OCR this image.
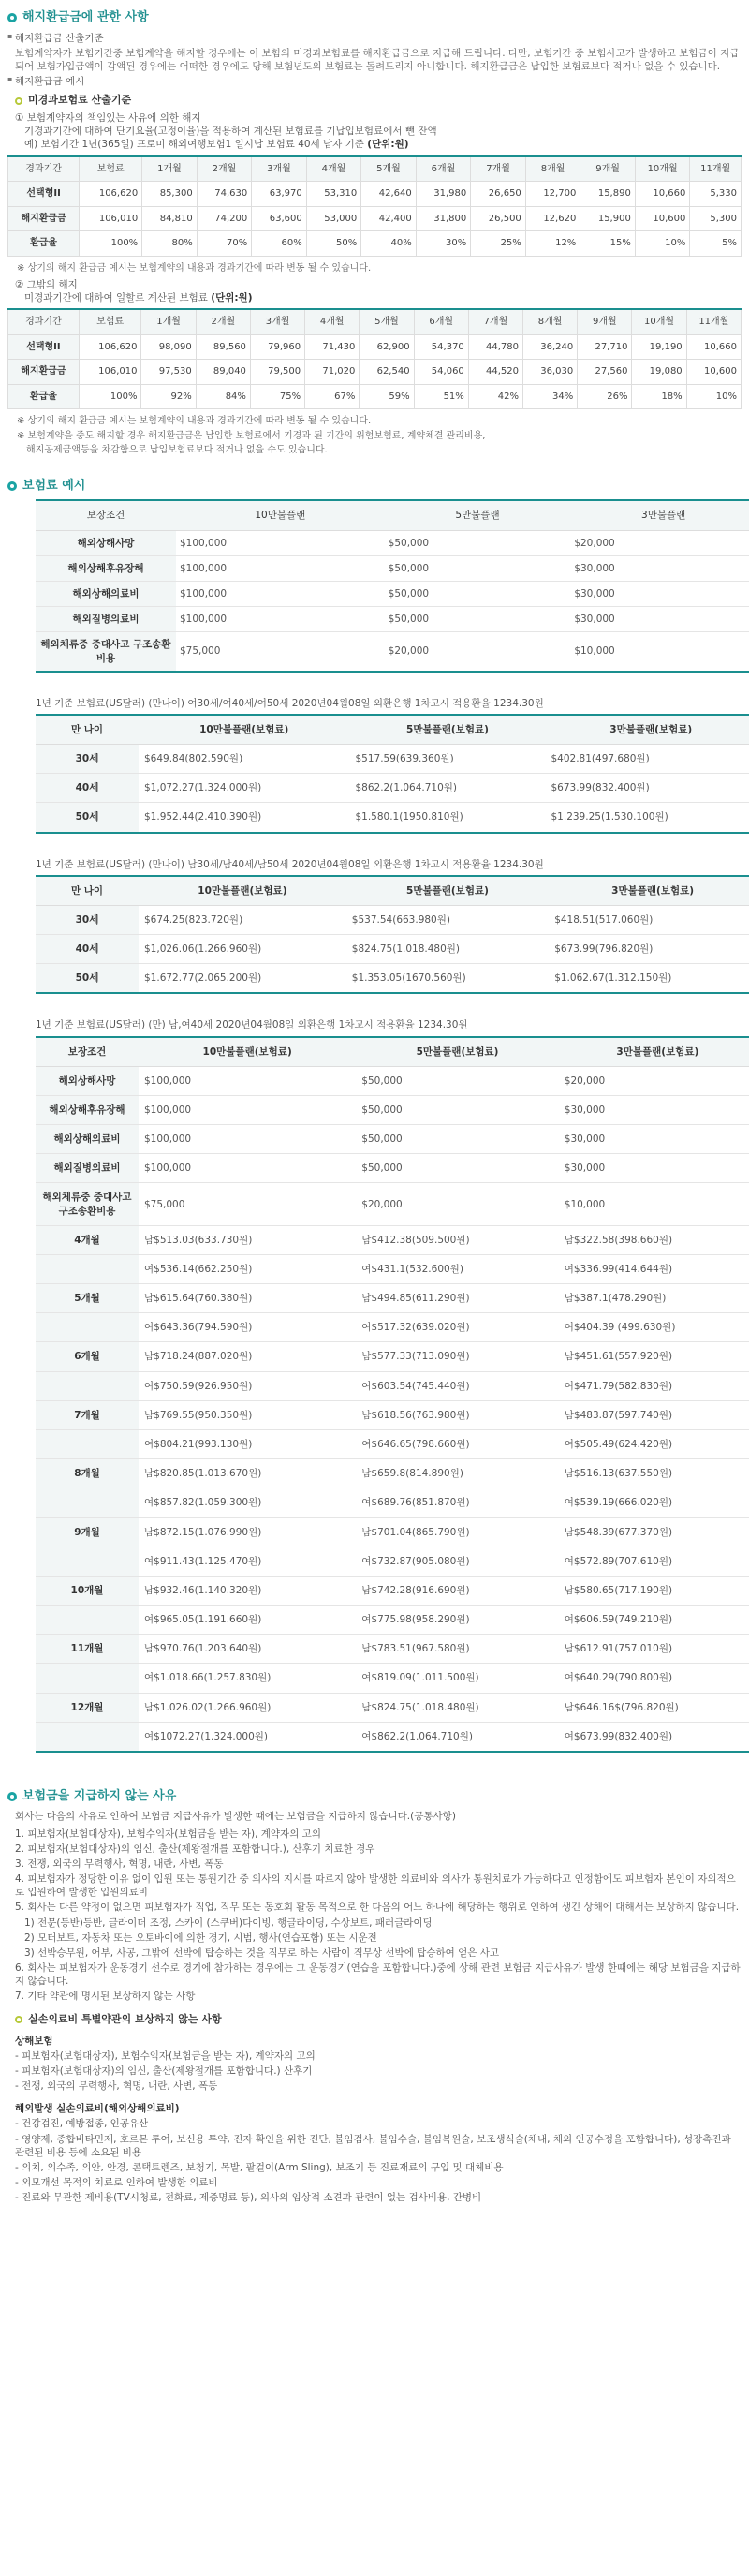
해지환급금에 관한 사항
▪ 해지환급금 산출기준
보험계약자가 보험기간중 보험계약을 해지할 경우에는 이 보험의 미경과보험료를 해지환급금으로 지급해 드립니다. 다만, 보험기간 중 보험사고가 발생하고 보험금이 지급되어 보험가입금액이 감액된 경우에는 어떠한 경우에도 당해 보험년도의 보험료는 돌려드리지 아니합니다. 해지환급금은 납입한 보험료보다 적거나 없을 수 있습니다.
▪ 해지환급금 예시
미경과보험료 산출기준
① 보험계약자의 책임있는 사유에 의한 해지
기경과기간에 대하여 단기요율(고정이율)을 적용하여 계산된 보험료를 기납입보험료에서 뺀 잔액
예) 보험기간 1년(365일) 프로미 해외여행보험1 일시납 보험료 40세 남자 기준 (단위:원)
경과기간	보험료	1개월	2개월	3개월	4개월	5개월	6개월	7개월	8개월	9개월	10개월	11개월
선택형II	106,620	85,300	74,630	63,970	53,310	42,640	31,980	26,650	12,700	15,890	10,660	5,330
해지환급금	106,010	84,810	74,200	63,600	53,000	42,400	31,800	26,500	12,620	15,900	10,600	5,300
환급율	100%	80%	70%	60%	50%	40%	30%	25%	12%	15%	10%	5%
※ 상기의 해지 환급금 예시는 보험계약의 내용과 경과기간에 따라 변동 될 수 있습니다.
② 그밖의 해지
미경과기간에 대하여 일할로 계산된 보험료 (단위:원)
경과기간	보험료	1개월	2개월	3개월	4개월	5개월	6개월	7개월	8개월	9개월	10개월	11개월
선택형II	106,620	98,090	89,560	79,960	71,430	62,900	54,370	44,780	36,240	27,710	19,190	10,660
해지환급금	106,010	97,530	89,040	79,500	71,020	62,540	54,060	44,520	36,030	27,560	19,080	10,600
환급율	100%	92%	84%	75%	67%	59%	51%	42%	34%	26%	18%	10%
※ 상기의 해지 환급금 예시는 보험계약의 내용과 경과기간에 따라 변동 될 수 있습니다.
※ 보험계약을 중도 해지할 경우 해지환급금은 납입한 보험료에서 기경과 된 기간의 위험보험료, 계약체결 관리비용,
해지공제금액등을 차감함으로 납입보험료보다 적거나 없을 수도 있습니다.
보험료 예시
보장조건	10만불플랜	5만불플랜	3만불플랜
해외상해사망	$100,000	$50,000	$20,000
해외상해후유장해	$100,000	$50,000	$30,000
해외상해의료비	$100,000	$50,000	$30,000
해외질병의료비	$100,000	$50,000	$30,000
해외체류중 중대사고 구조송환비용	$75,000	$20,000	$10,000
1년 기준 보험료(US달러) (만나이) 여30세/여40세/여50세 2020년04월08일 외환은행 1차고시 적용환율 1234.30원
만 나이	10만불플랜(보험료)	5만불플랜(보험료)	3만불플랜(보험료)
30세	$649.84(802.590원)	$517.59(639.360원)	$402.81(497.680원)
40세	$1,072.27(1.324.000원)	$862.2(1.064.710원)	$673.99(832.400원)
50세	$1.952.44(2.410.390원)	$1.580.1(1950.810원)	$1.239.25(1.530.100원)
1년 기준 보험료(US달러) (만나이) 남30세/남40세/남50세 2020년04월08일 외환은행 1차고시 적용환율 1234.30원
만 나이	10만불플랜(보험료)	5만불플랜(보험료)	3만불플랜(보험료)
30세	$674.25(823.720원)	$537.54(663.980원)	$418.51(517.060원)
40세	$1,026.06(1.266.960원)	$824.75(1.018.480원)	$673.99(796.820원)
50세	$1.672.77(2.065.200원)	$1.353.05(1670.560원)	$1.062.67(1.312.150원)
1년 기준 보험료(US달러) (만) 남,여40세 2020년04월08일 외환은행 1차고시 적용환율 1234.30원
보장조건	10만불플랜(보험료)	5만불플랜(보험료)	3만불플랜(보험료)
해외상해사망	$100,000	$50,000	$20,000
해외상해후유장해	$100,000	$50,000	$30,000
해외상해의료비	$100,000	$50,000	$30,000
해외질병의료비	$100,000	$50,000	$30,000
해외체류중 중대사고 구조송환비용	$75,000	$20,000	$10,000
4개월	남$513.03(633.730원)	남$412.38(509.500원)	남$322.58(398.660원)
	여$536.14(662.250원)	여$431.1(532.600원)	여$336.99(414.644원)
5개월	남$615.64(760.380원)	남$494.85(611.290원)	남$387.1(478.290원)
	여$643.36(794.590원)	여$517.32(639.020원)	여$404.39 (499.630원)
6개월	남$718.24(887.020원)	남$577.33(713.090원)	남$451.61(557.920원)
	여$750.59(926.950원)	여$603.54(745.440원)	여$471.79(582.830원)
7개월	남$769.55(950.350원)	남$618.56(763.980원)	남$483.87(597.740원)
	여$804.21(993.130원)	여$646.65(798.660원)	여$505.49(624.420원)
8개월	남$820.85(1.013.670원)	남$659.8(814.890원)	남$516.13(637.550원)
	여$857.82(1.059.300원)	여$689.76(851.870원)	여$539.19(666.020원)
9개월	남$872.15(1.076.990원)	남$701.04(865.790원)	남$548.39(677.370원)
	여$911.43(1.125.470원)	여$732.87(905.080원)	여$572.89(707.610원)
10개월	남$932.46(1.140.320원)	남$742.28(916.690원)	남$580.65(717.190원)
	여$965.05(1.191.660원)	여$775.98(958.290원)	여$606.59(749.210원)
11개월	남$970.76(1.203.640원)	남$783.51(967.580원)	남$612.91(757.010원)
	여$1.018.66(1.257.830원)	여$819.09(1.011.500원)	여$640.29(790.800원)
12개월	남$1.026.02(1.266.960원)	남$824.75(1.018.480원)	남$646.16$(796.820원)
	여$1072.27(1.324.000원)	여$862.2(1.064.710원)	여$673.99(832.400원)
보험금을 지급하지 않는 사유
회사는 다음의 사유로 인하여 보험금 지급사유가 발생한 때에는 보험금을 지급하지 않습니다.(공통사항)
1. 피보험자(보험대상자), 보험수익자(보험금을 받는 자), 계약자의 고의
2. 피보험자(보험대상자)의 임신, 출산(제왕절개를 포함합니다.), 산후기 치료한 경우
3. 전쟁, 외국의 무력행사, 혁명, 내란, 사변, 폭동
4. 피보험자가 정당한 이유 없이 입원 또는 통원기간 중 의사의 지시를 따르지 않아 발생한 의료비와 의사가 통원치료가 가능하다고 인정함에도 피보험자 본인이 자의적으로 입원하여 발생한 입원의료비
5. 회사는 다른 약정이 없으면 피보험자가 직업, 직무 또는 동호회 활동 목적으로 한 다음의 어느 하나에 해당하는 행위로 인하여 생긴 상해에 대해서는 보상하지 않습니다.
1) 전문(등반)등반, 글라이더 조정, 스카이 (스쿠버)다이빙, 행글라이딩, 수상보트, 패러글라이딩
2) 모터보트, 자동차 또는 오토바이에 의한 경기, 시범, 행사(연습포함) 또는 시운전
3) 선박승무원, 어부, 사공, 그밖에 선박에 탑승하는 것을 직무로 하는 사람이 직무상 선박에 탑승하여 얻은 사고
6. 회사는 피보험자가 운동경기 선수로 경기에 참가하는 경우에는 그 운동경기(연습을 포함합니다.)중에 상해 관련 보험금 지급사유가 발생 한때에는 해당 보험금을 지급하지 않습니다.
7. 기타 약관에 명시된 보상하지 않는 사항
실손의료비 특별약관의 보상하지 않는 사항
상해보험
- 피보험자(보험대상자), 보험수익자(보험금을 받는 자), 계약자의 고의
- 피보험자(보험대상자)의 임신, 출산(제왕절개를 포함합니다.) 산후기
- 전쟁, 외국의 무력행사, 혁명, 내란, 사변, 폭동
해외발생 실손의료비(해외상해의료비)
- 건강검진, 예방접종, 인공유산
- 영양제, 종합비타민제, 호르몬 투여, 보신용 투약, 진자 확인을 위한 진단, 불임검사, 불임수술, 불임복원술, 보조생식술(체내, 체외 인공수정을 포함합니다), 성장촉진과 관련된 비용 등에 소요된 비용
- 의치, 의수족, 의안, 안경, 콘택트렌즈, 보청기, 목발, 팔걸이(Arm Sling), 보조기 등 진료재료의 구입 및 대체비용
- 외모개선 목적의 치료로 인하여 발생한 의료비
- 진료와 무관한 제비용(TV시청료, 전화료, 제증명료 등), 의사의 임상적 소견과 관련이 없는 검사비용, 간병비
